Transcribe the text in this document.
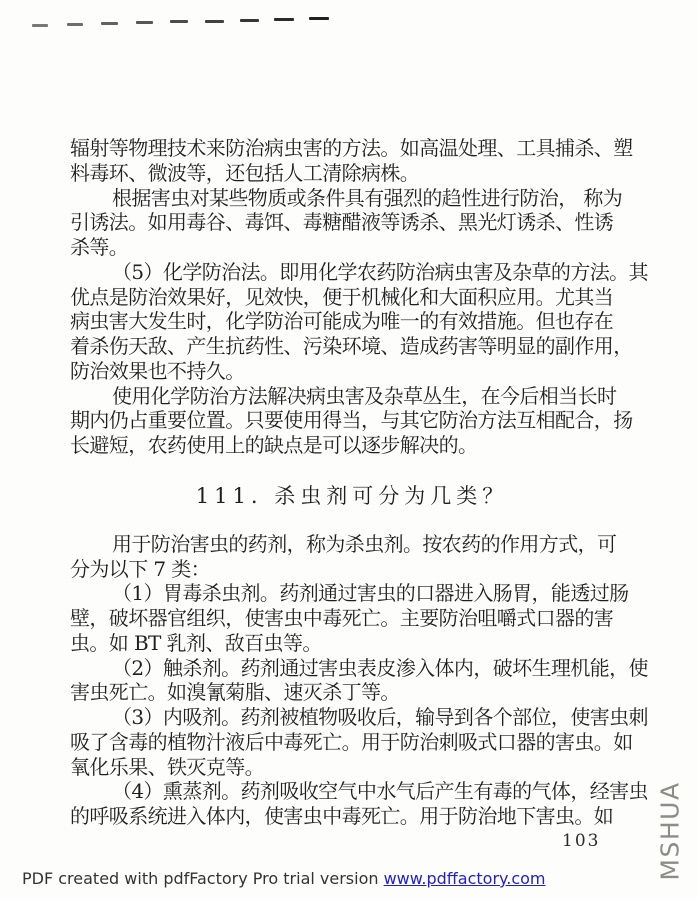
辐射等物理技术来防治病虫害的方法。如高温处理、工具捕杀、塑
料毒环、微波等，还包括人工清除病株。
根据害虫对某些物质或条件具有强烈的趋性进行防治， 称为
引诱法。如用毒谷、毒饵、毒糖醋液等诱杀、黑光灯诱杀、性诱
杀等。
（5）化学防治法。即用化学农药防治病虫害及杂草的方法。其
优点是防治效果好，见效快，便于机械化和大面积应用。尤其当
病虫害大发生时，化学防治可能成为唯一的有效措施。但也存在
着杀伤天敌、产生抗药性、污染环境、造成药害等明显的副作用，
防治效果也不持久。
使用化学防治方法解决病虫害及杂草丛生，在今后相当长时
期内仍占重要位置。只要使用得当，与其它防治方法互相配合，扬
长避短，农药使用上的缺点是可以逐步解决的。
111. 杀虫剂可分为几类？
用于防治害虫的药剂，称为杀虫剂。按农药的作用方式，可
分为以下 7 类：
（1）胃毒杀虫剂。药剂通过害虫的口器进入肠胃，能透过肠
壁，破坏器官组织，使害虫中毒死亡。主要防治咀嚼式口器的害
虫。如 BT 乳剂、敌百虫等。
（2）触杀剂。药剂通过害虫表皮渗入体内，破坏生理机能，使
害虫死亡。如溴氰菊脂、速灭杀丁等。
（3）内吸剂。药剂被植物吸收后，输导到各个部位，使害虫刺
吸了含毒的植物汁液后中毒死亡。用于防治刺吸式口器的害虫。如
氧化乐果、铁灭克等。
（4）熏蒸剂。药剂吸收空气中水气后产生有毒的气体，经害虫
的呼吸系统进入体内，使害虫中毒死亡。用于防治地下害虫。如
103 MSHUA
PDF created with pdfFactory Pro trial version www.pdffactory.com
